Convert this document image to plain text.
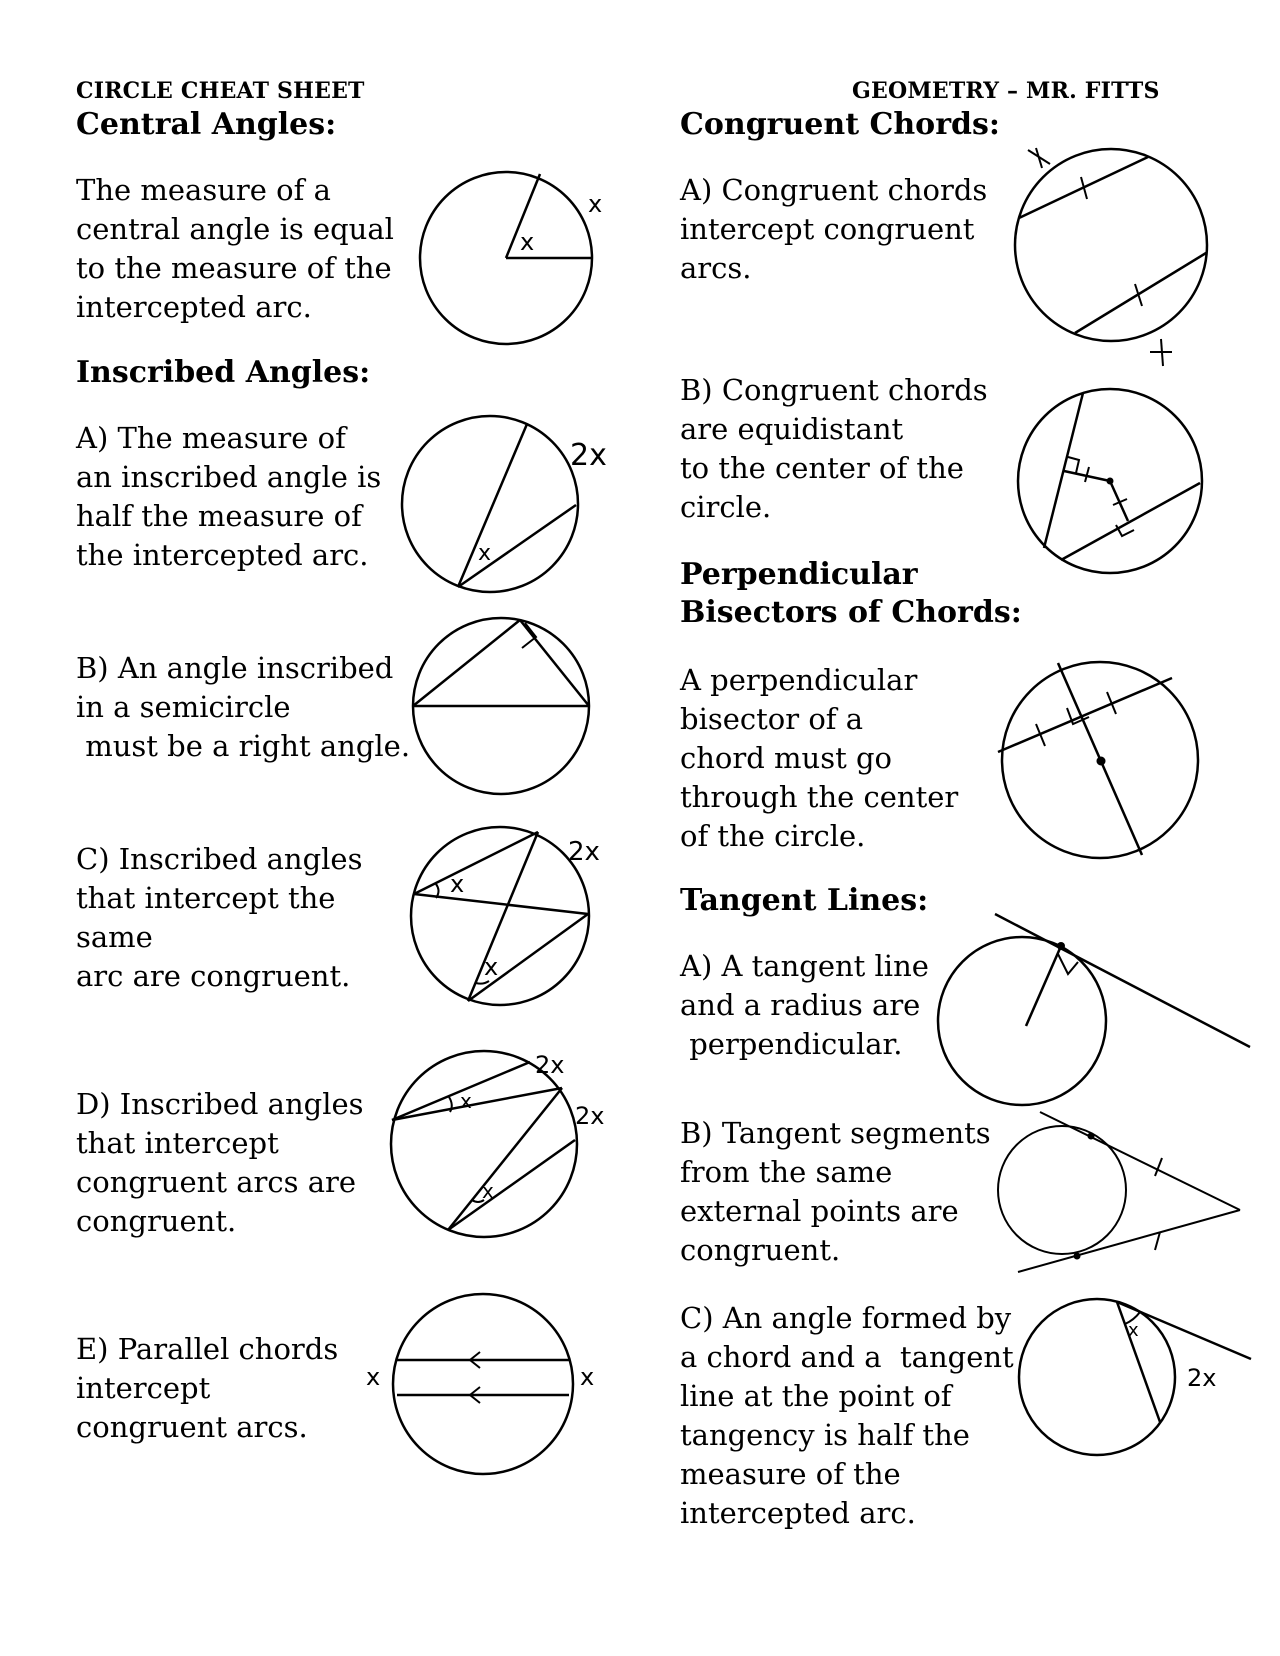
CIRCLE CHEAT SHEET	GEOMETRY – MR. FITTS
Central Angles:
The measure of a
central angle is equal
to the measure of the
intercepted arc.
x
x
Inscribed Angles:
A) The measure of
an inscribed angle is
half the measure of
the intercepted arc.	x
2x
B) An angle inscribed
in a semicircle
must be a right angle.
C) Inscribed angles
that intercept the
same
arc are congruent.
x
x
2x
D) Inscribed angles
that intercept
congruent arcs are
congruent.
x
x
2x
2x
E) Parallel chords
intercept
congruent arcs.
x	x
Congruent Chords:
A) Congruent chords
intercept congruent
arcs.
B) Congruent chords
are equidistant
to the center of the
circle.
Perpendicular
Bisectors of Chords:
A perpendicular
bisector of a
chord must go
through the center
of the circle.
Tangent Lines:
A) A tangent line
and a radius are
perpendicular.
B) Tangent segments
from the same
external points are
congruent.
C) An angle formed by
a chord and a  tangent
line at the point of
tangency is half the
measure of the
intercepted arc.
x
2x
